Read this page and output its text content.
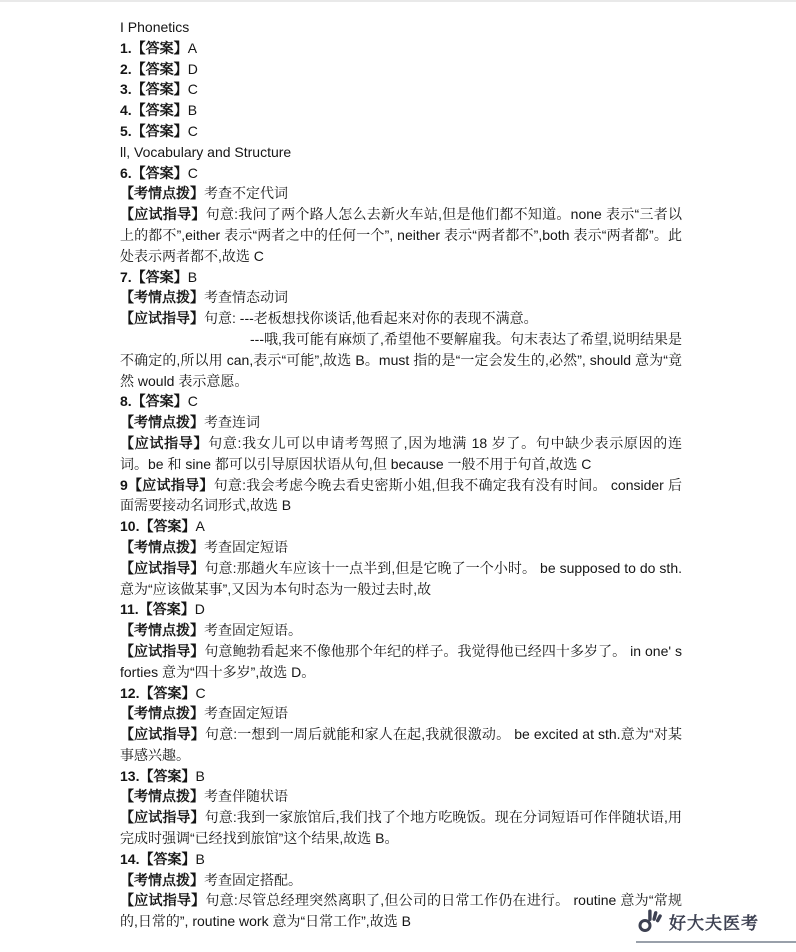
I Phonetics

1.【答案】A

2.【答案】D

3.【答案】C

4.【答案】B

5.【答案】C

ll, Vocabulary and Structure

6.【答案】C

【考情点拨】考查不定代词

【应试指导】句意:我问了两个路人怎么去新火车站,但是他们都不知道。none 表示“三者以上的都不”,either 表示“两者之中的任何一个”, neither 表示“两者都不”,both 表示“两者都”。此处表示两者都不,故选 C

7.【答案】B

【考情点拨】考查情态动词

【应试指导】句意: ---老板想找你谈话,他看起来对你的表现不满意。

---哦,我可能有麻烦了,希望他不要解雇我。句末表达了希望,说明结果是不确定的,所以用 can,表示“可能”,故选 B。must 指的是“一定会发生的,必然”, should 意为“竟然 would 表示意愿。

8.【答案】C

【考情点拨】考查连词

【应试指导】句意:我女儿可以申请考驾照了,因为地满 18 岁了。句中缺少表示原因的连词。be 和 sine 都可以引导原因状语从句,但 because 一般不用于句首,故选 C

9【应试指导】句意:我会考虑今晚去看史密斯小姐,但我不确定我有没有时间。 consider 后面需要接动名词形式,故选 B

10.【答案】A

【考情点拨】考查固定短语

【应试指导】句意:那趟火车应该十一点半到,但是它晚了一个小时。 be supposed to do sth. 意为“应该做某事”,又因为本句时态为一般过去时,故

11.【答案】D

【考情点拨】考查固定短语。

【应试指导】句意鲍勃看起来不像他那个年纪的样子。我觉得他已经四十多岁了。 in one' s forties 意为“四十多岁”,故选 D。

12.【答案】C

【考情点拨】考查固定短语

【应试指导】句意:一想到一周后就能和家人在起,我就很激动。 be excited at sth.意为“对某事感兴趣。

13.【答案】B

【考情点拨】考查伴随状语

【应试指导】句意:我到一家旅馆后,我们找了个地方吃晚饭。现在分词短语可作伴随状语,用完成时强调“已经找到旅馆”这个结果,故选 B。

14.【答案】B

【考情点拨】考查固定搭配。

【应试指导】句意:尽管总经理突然离职了,但公司的日常工作仍在进行。 routine 意为“常规的,日常的”, routine work 意为“日常工作”,故选 B	好大夫医考
